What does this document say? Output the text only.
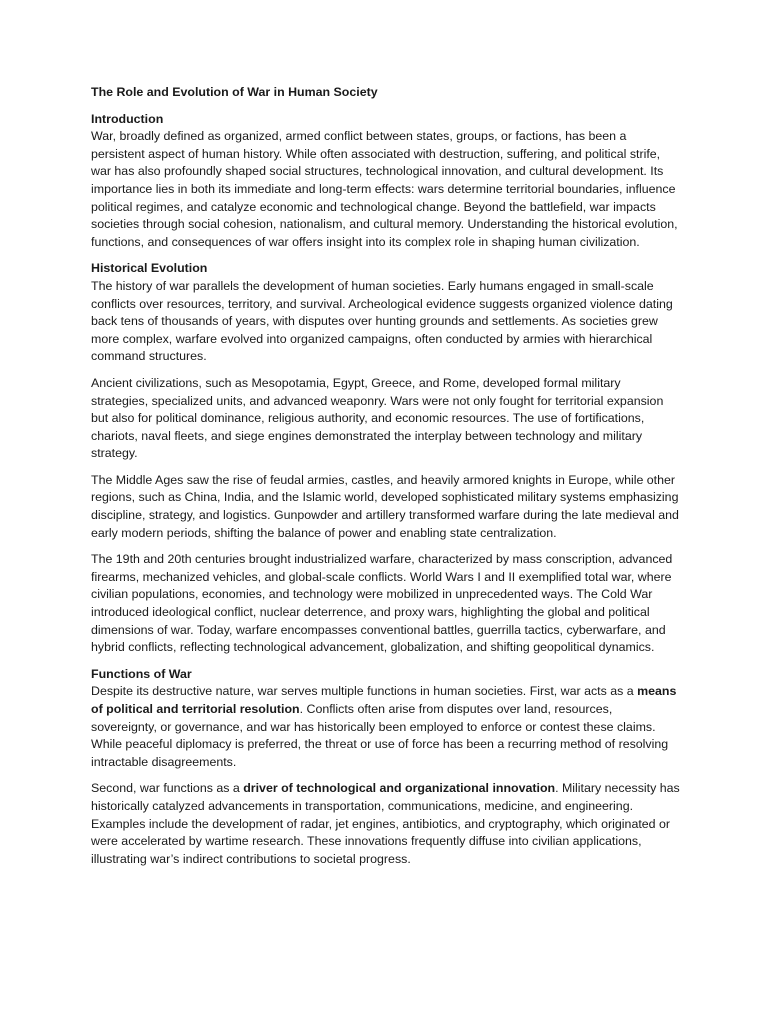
The Role and Evolution of War in Human Society
Introduction

War, broadly defined as organized, armed conflict between states, groups, or factions, has been a persistent aspect of human history. While often associated with destruction, suffering, and political strife, war has also profoundly shaped social structures, technological innovation, and cultural development. Its importance lies in both its immediate and long-term effects: wars determine territorial boundaries, influence political regimes, and catalyze economic and technological change. Beyond the battlefield, war impacts societies through social cohesion, nationalism, and cultural memory. Understanding the historical evolution, functions, and consequences of war offers insight into its complex role in shaping human civilization.

Historical Evolution

The history of war parallels the development of human societies. Early humans engaged in small-scale conflicts over resources, territory, and survival. Archeological evidence suggests organized violence dating back tens of thousands of years, with disputes over hunting grounds and settlements. As societies grew more complex, warfare evolved into organized campaigns, often conducted by armies with hierarchical command structures.

Ancient civilizations, such as Mesopotamia, Egypt, Greece, and Rome, developed formal military strategies, specialized units, and advanced weaponry. Wars were not only fought for territorial expansion but also for political dominance, religious authority, and economic resources. The use of fortifications, chariots, naval fleets, and siege engines demonstrated the interplay between technology and military strategy.

The Middle Ages saw the rise of feudal armies, castles, and heavily armored knights in Europe, while other regions, such as China, India, and the Islamic world, developed sophisticated military systems emphasizing discipline, strategy, and logistics. Gunpowder and artillery transformed warfare during the late medieval and early modern periods, shifting the balance of power and enabling state centralization.

The 19th and 20th centuries brought industrialized warfare, characterized by mass conscription, advanced firearms, mechanized vehicles, and global-scale conflicts. World Wars I and II exemplified total war, where civilian populations, economies, and technology were mobilized in unprecedented ways. The Cold War introduced ideological conflict, nuclear deterrence, and proxy wars, highlighting the global and political dimensions of war. Today, warfare encompasses conventional battles, guerrilla tactics, cyberwarfare, and hybrid conflicts, reflecting technological advancement, globalization, and shifting geopolitical dynamics.

Functions of War

Despite its destructive nature, war serves multiple functions in human societies. First, war acts as a means of political and territorial resolution. Conflicts often arise from disputes over land, resources, sovereignty, or governance, and war has historically been employed to enforce or contest these claims. While peaceful diplomacy is preferred, the threat or use of force has been a recurring method of resolving intractable disagreements.

Second, war functions as a driver of technological and organizational innovation. Military necessity has historically catalyzed advancements in transportation, communications, medicine, and engineering. Examples include the development of radar, jet engines, antibiotics, and cryptography, which originated or were accelerated by wartime research. These innovations frequently diffuse into civilian applications, illustrating war’s indirect contributions to societal progress.
